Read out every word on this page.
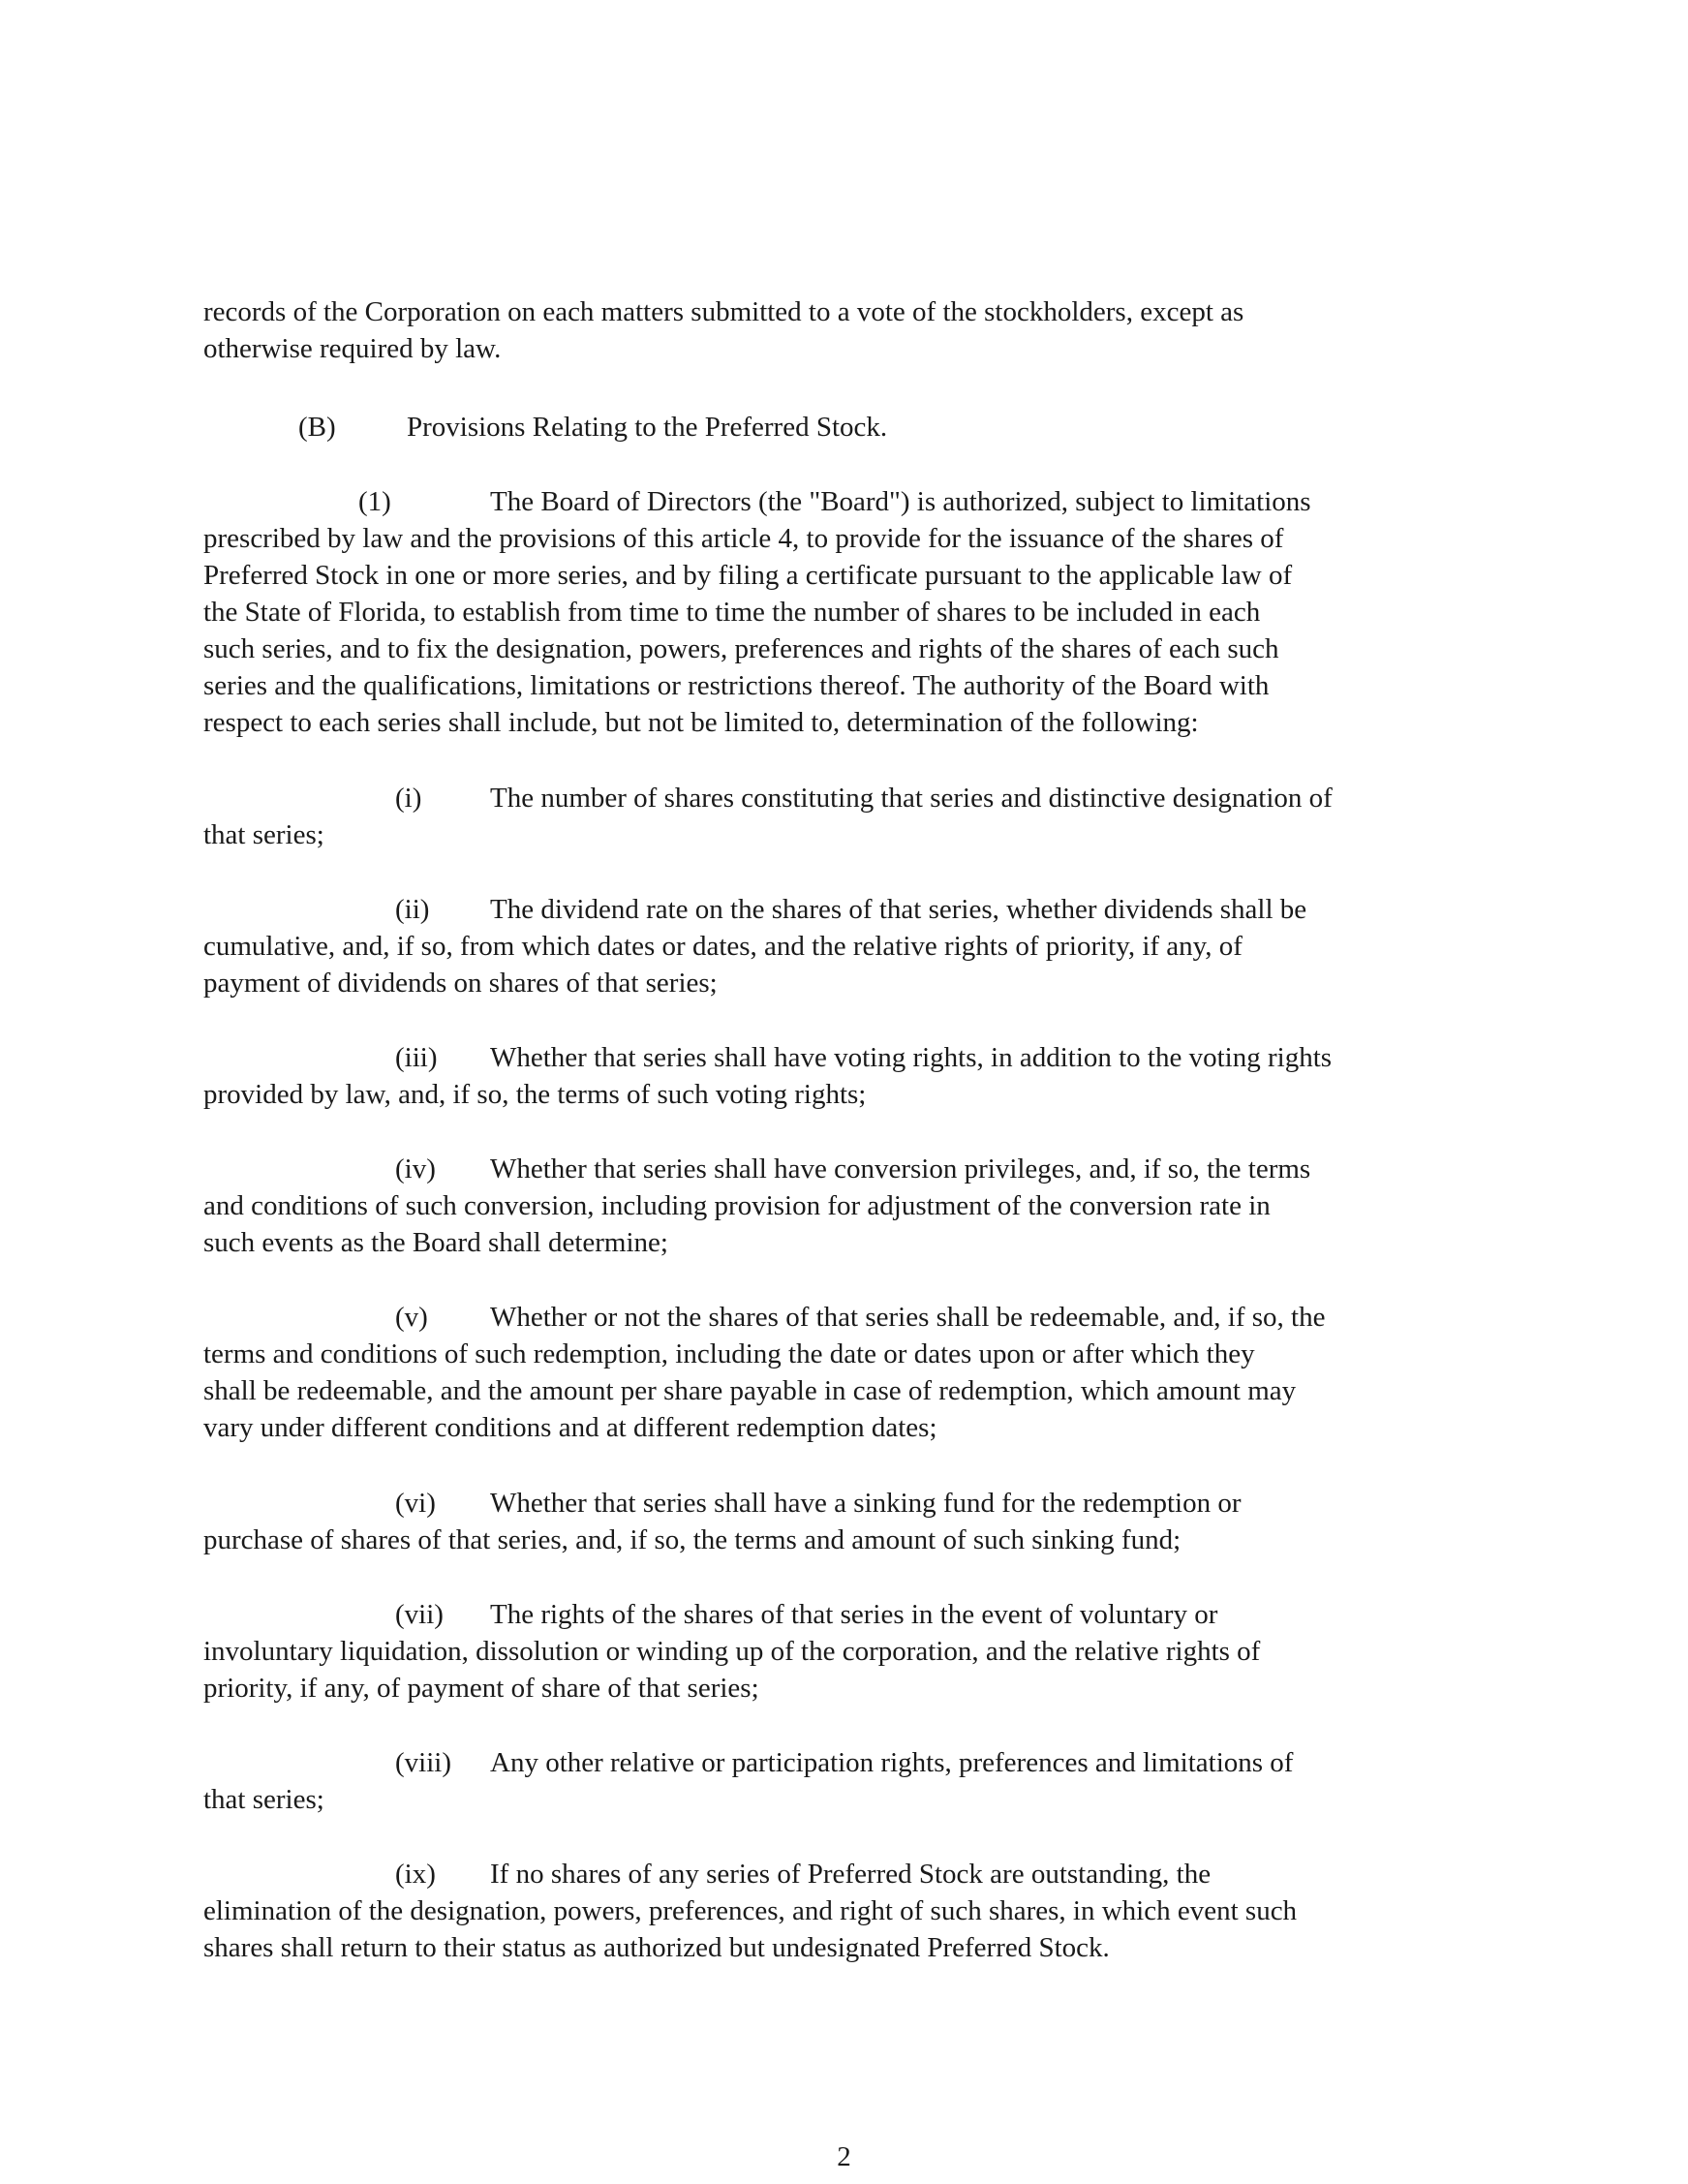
records of the Corporation on each matters submitted to a vote of the stockholders, except as
otherwise required by law.
(B)	Provisions Relating to the Preferred Stock.
(1)	The Board of Directors (the "Board") is authorized, subject to limitations
prescribed by law and the provisions of this article 4, to provide for the issuance of the shares of
Preferred Stock in one or more series, and by filing a certificate pursuant to the applicable law of
the State of Florida, to establish from time to time the number of shares to be included in each
such series, and to fix the designation, powers, preferences and rights of the shares of each such
series and the qualifications, limitations or restrictions thereof. The authority of the Board with
respect to each series shall include, but not be limited to, determination of the following:
(i) The number of shares constituting that series and distinctive designation of
that series;
(ii) The dividend rate on the shares of that series, whether dividends shall be
cumulative, and, if so, from which dates or dates, and the relative rights of priority, if any, of
payment of dividends on shares of that series;
(iii) Whether that series shall have voting rights, in addition to the voting rights
provided by law, and, if so, the terms of such voting rights;
(iv) Whether that series shall have conversion privileges, and, if so, the terms
and conditions of such conversion, including provision for adjustment of the conversion rate in
such events as the Board shall determine;
(v) Whether or not the shares of that series shall be redeemable, and, if so, the
terms and conditions of such redemption, including the date or dates upon or after which they
shall be redeemable, and the amount per share payable in case of redemption, which amount may
vary under different conditions and at different redemption dates;
(vi) Whether that series shall have a sinking fund for the redemption or
purchase of shares of that series, and, if so, the terms and amount of such sinking fund;
(vii) The rights of the shares of that series in the event of voluntary or
involuntary liquidation, dissolution or winding up of the corporation, and the relative rights of
priority, if any, of payment of share of that series;
(viii) Any other relative or participation rights, preferences and limitations of
that series;
(ix) If no shares of any series of Preferred Stock are outstanding, the
elimination of the designation, powers, preferences, and right of such shares, in which event such
shares shall return to their status as authorized but undesignated Preferred Stock.
2
